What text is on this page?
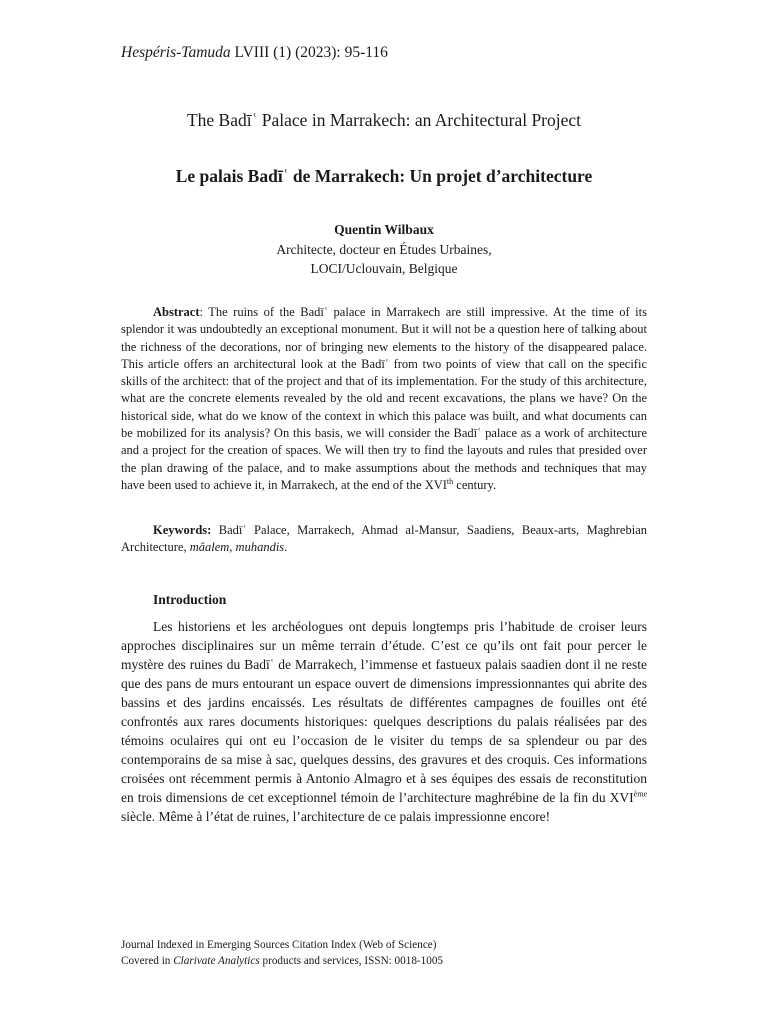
Hespéris-Tamuda LVIII (1) (2023): 95-116
The Badīʿ Palace in Marrakech: an Architectural Project
Le palais Badīʿ de Marrakech: Un projet d’architecture
Quentin Wilbaux
Architecte, docteur en Études Urbaines,
LOCI/Uclouvain, Belgique

Abstract: The ruins of the Badīʿ palace in Marrakech are still impressive. At the time of its splendor it was undoubtedly an exceptional monument. But it will not be a question here of talking about the richness of the decorations, nor of bringing new elements to the history of the disappeared palace. This article offers an architectural look at the Badīʿ from two points of view that call on the specific skills of the architect: that of the project and that of its implementation. For the study of this architecture, what are the concrete elements revealed by the old and recent excavations, the plans we have? On the historical side, what do we know of the context in which this palace was built, and what documents can be mobilized for its analysis? On this basis, we will consider the Badīʿ palace as a work of architecture and a project for the creation of spaces. We will then try to find the layouts and rules that presided over the plan drawing of the palace, and to make assumptions about the methods and techniques that may have been used to achieve it, in Marrakech, at the end of the XVIth century.

Keywords: Badīʿ Palace, Marrakech, Ahmad al-Mansur, Saadiens, Beaux-arts, Maghrebian Architecture, mâalem, muhandis.

Introduction

Les historiens et les archéologues ont depuis longtemps pris l’habitude de croiser leurs approches disciplinaires sur un même terrain d’étude. C’est ce qu’ils ont fait pour percer le mystère des ruines du Badīʿ de Marrakech, l’immense et fastueux palais saadien dont il ne reste que des pans de murs entourant un espace ouvert de dimensions impressionnantes qui abrite des bassins et des jardins encaissés. Les résultats de différentes campagnes de fouilles ont été confrontés aux rares documents historiques: quelques descriptions du palais réalisées par des témoins oculaires qui ont eu l’occasion de le visiter du temps de sa splendeur ou par des contemporains de sa mise à sac, quelques dessins, des gravures et des croquis. Ces informations croisées ont récemment permis à Antonio Almagro et à ses équipes des essais de reconstitution en trois dimensions de cet exceptionnel témoin de l’architecture maghrébine de la fin du XVIème siècle. Même à l’état de ruines, l’architecture de ce palais impressionne encore!

Journal Indexed in Emerging Sources Citation Index (Web of Science)
Covered in Clarivate Analytics products and services, ISSN: 0018-1005
